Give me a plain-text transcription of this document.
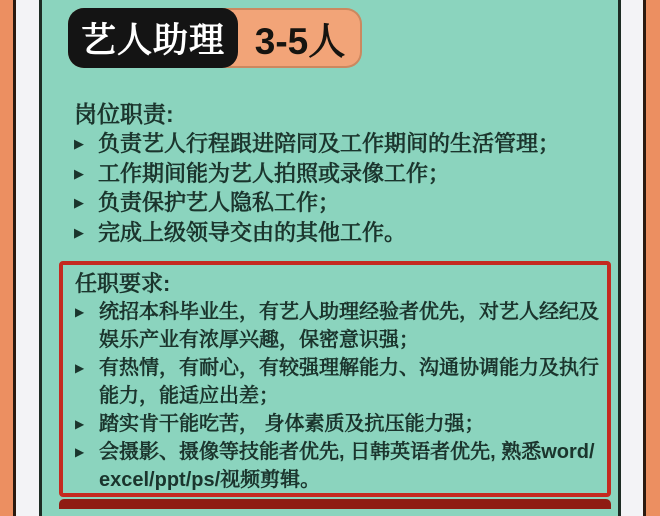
艺人助理 3-5人
岗位职责:
▶ 负责艺人行程跟进陪同及工作期间的生活管理；
▶ 工作期间能为艺人拍照或录像工作；
▶ 负责保护艺人隐私工作；
▶ 完成上级领导交由的其他工作。
任职要求:
▶ 统招本科毕业生，有艺人助理经验者优先，对艺人经纪及娱乐产业有浓厚兴趣，保密意识强；
▶ 有热情，有耐心，有较强理解能力、沟通协调能力及执行能力，能适应出差；
▶ 踏实肯干能吃苦， 身体素质及抗压能力强；
▶ 会摄影、摄像等技能者优先, 日韩英语者优先, 熟悉word/excel/ppt/ps/视频剪辑。
